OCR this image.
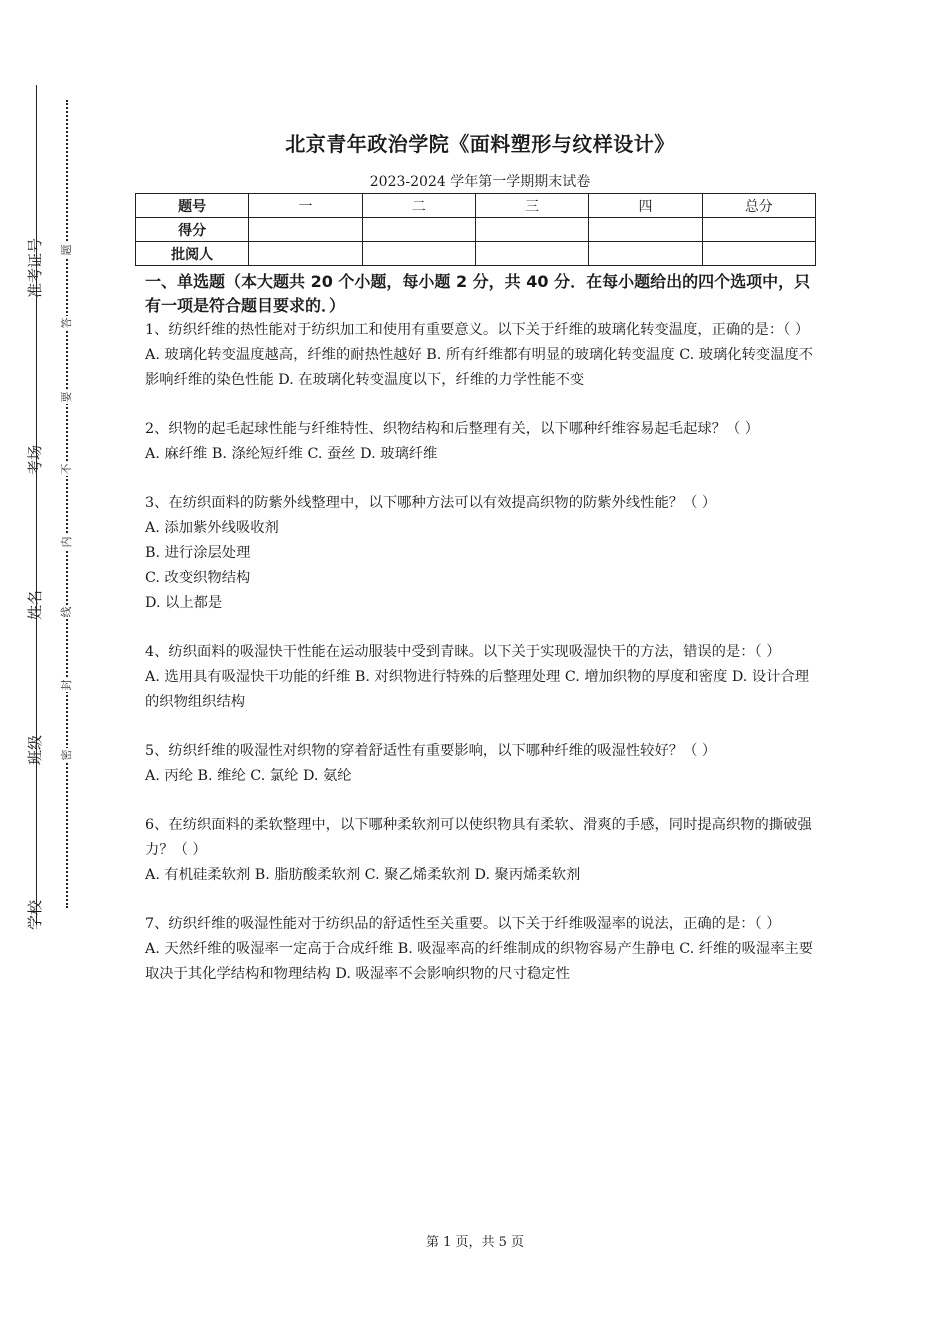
准考证号
考场
姓名
班级
学校
题
答
要
不
内
线
封
密
北京青年政治学院《面料塑形与纹样设计》
2023-2024 学年第一学期期末试卷
题号	一	二	三	四	总分
得分					
批阅人					

一、单选题（本大题共 20 个小题，每小题 2 分，共 40 分．在每小题给出的四个选项中，只有一项是符合题目要求的．）

1、纺织纤维的热性能对于纺织加工和使用有重要意义。以下关于纤维的玻璃化转变温度，正确的是：（ ）

A. 玻璃化转变温度越高，纤维的耐热性越好 B. 所有纤维都有明显的玻璃化转变温度 C. 玻璃化转变温度不影响纤维的染色性能 D. 在玻璃化转变温度以下，纤维的力学性能不变

2、织物的起毛起球性能与纤维特性、织物结构和后整理有关，以下哪种纤维容易起毛起球？（ ）

A. 麻纤维 B. 涤纶短纤维 C. 蚕丝 D. 玻璃纤维

3、在纺织面料的防紫外线整理中，以下哪种方法可以有效提高织物的防紫外线性能？（ ）

A. 添加紫外线吸收剂

B. 进行涂层处理

C. 改变织物结构

D. 以上都是

4、纺织面料的吸湿快干性能在运动服装中受到青睐。以下关于实现吸湿快干的方法，错误的是：（ ）

A. 选用具有吸湿快干功能的纤维 B. 对织物进行特殊的后整理处理 C. 增加织物的厚度和密度 D. 设计合理的织物组织结构

5、纺织纤维的吸湿性对织物的穿着舒适性有重要影响，以下哪种纤维的吸湿性较好？（ ）

A. 丙纶 B. 维纶 C. 氯纶 D. 氨纶

6、在纺织面料的柔软整理中，以下哪种柔软剂可以使织物具有柔软、滑爽的手感，同时提高织物的撕破强力？（ ）

A. 有机硅柔软剂 B. 脂肪酸柔软剂 C. 聚乙烯柔软剂 D. 聚丙烯柔软剂

7、纺织纤维的吸湿性能对于纺织品的舒适性至关重要。以下关于纤维吸湿率的说法，正确的是：（ ）

A. 天然纤维的吸湿率一定高于合成纤维 B. 吸湿率高的纤维制成的织物容易产生静电 C. 纤维的吸湿率主要取决于其化学结构和物理结构 D. 吸湿率不会影响织物的尺寸稳定性

第 1 页，共 5 页
